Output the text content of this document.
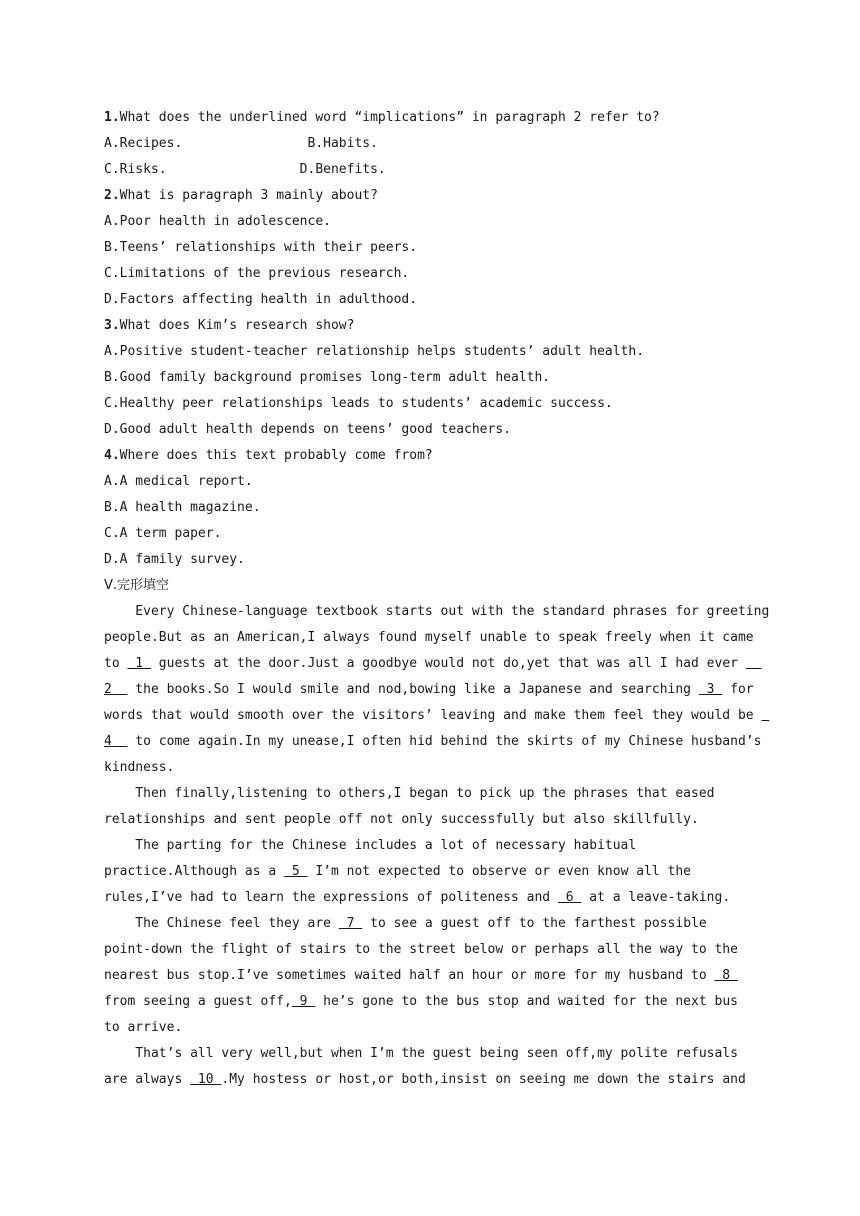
1.What does the underlined word “implications” in paragraph 2 refer to?
A.Recipes.                B.Habits.
C.Risks.                 D.Benefits.
2.What is paragraph 3 mainly about?
A.Poor health in adolescence.
B.Teens’ relationships with their peers.
C.Limitations of the previous research.
D.Factors affecting health in adulthood.
3.What does Kim’s research show?
A.Positive student-teacher relationship helps students’ adult health.
B.Good family background promises long-term adult health.
C.Healthy peer relationships leads to students’ academic success.
D.Good adult health depends on teens’ good teachers.
4.Where does this text probably come from?
A.A medical report.
B.A health magazine.
C.A term paper.
D.A family survey.
Ⅴ.完形填空
Every Chinese-language textbook starts out with the standard phrases for greeting
people.But as an American,I always found myself unable to speak freely when it came
to  1  guests at the door.Just a goodbye would not do,yet that was all I had ever
2   the books.So I would smile and nod,bowing like a Japanese and searching  3  for
words that would smooth over the visitors’ leaving and make them feel they would be
4   to come again.In my unease,I often hid behind the skirts of my Chinese husband’s
kindness.
Then finally,listening to others,I began to pick up the phrases that eased
relationships and sent people off not only successfully but also skillfully.
The parting for the Chinese includes a lot of necessary habitual
practice.Although as a  5  I’m not expected to observe or even know all the
rules,I’ve had to learn the expressions of politeness and  6  at a leave-taking.
The Chinese feel they are  7  to see a guest off to the farthest possible
point-down the flight of stairs to the street below or perhaps all the way to the
nearest bus stop.I’ve sometimes waited half an hour or more for my husband to  8
from seeing a guest off, 9  he’s gone to the bus stop and waited for the next bus
to arrive.
That’s all very well,but when I’m the guest being seen off,my polite refusals
are always  10 .My hostess or host,or both,insist on seeing me down the stairs and
